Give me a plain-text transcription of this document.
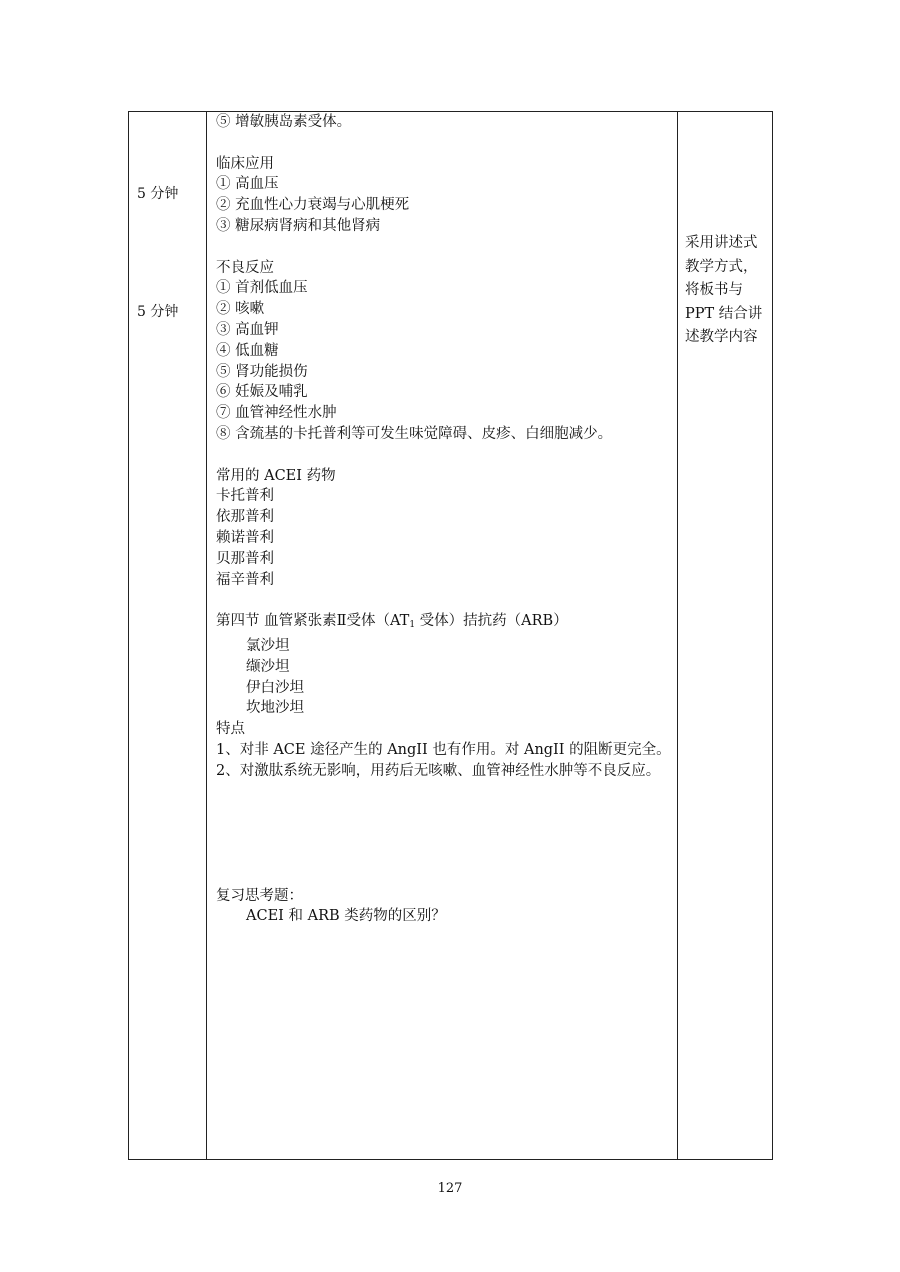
5 分钟
5 分钟
⑤ 增敏胰岛素受体。
临床应用
① 高血压
② 充血性心力衰竭与心肌梗死
③ 糖尿病肾病和其他肾病
不良反应
① 首剂低血压
② 咳嗽
③ 高血钾
④ 低血糖
⑤ 肾功能损伤
⑥ 妊娠及哺乳
⑦ 血管神经性水肿
⑧ 含巯基的卡托普利等可发生味觉障碍、皮疹、白细胞减少。
常用的 ACEI 药物
卡托普利
依那普利
赖诺普利
贝那普利
福辛普利
第四节 血管紧张素Ⅱ受体（$AT_1$ 受体）拮抗药（ARB）
氯沙坦
缬沙坦
伊白沙坦
坎地沙坦
特点
1、对非 ACE 途径产生的 AngII 也有作用。对 AngII 的阻断更完全。
2、对激肽系统无影响，用药后无咳嗽、血管神经性水肿等不良反应。
复习思考题：
ACEI 和 ARB 类药物的区别？
采用讲述式
教学方式，
将板书与
PPT 结合讲
述教学内容
127
